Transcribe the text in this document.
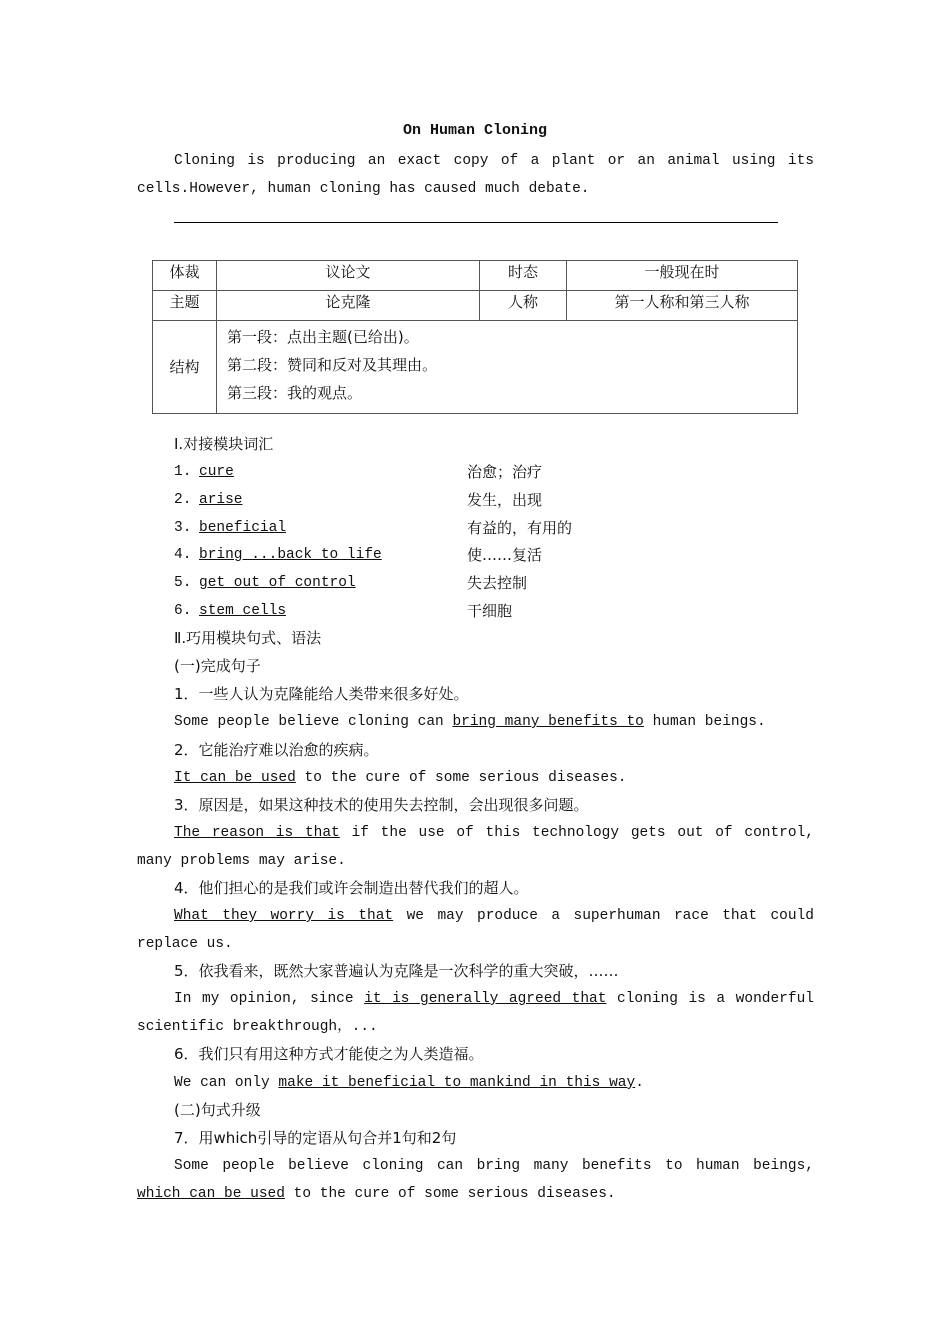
On Human Cloning
Cloning is producing an exact copy of a plant or an animal using its cells.However, human cloning has caused much debate.
体裁	议论文	时态	一般现在时
主题	论克隆	人称	第一人称和第三人称
结构	第一段：点出主题(已给出)。
第二段：赞同和反对及其理由。
第三段：我的观点。		
Ⅰ.对接模块词汇
1. cure	治愈；治疗
2. arise	发生，出现
3. beneficial	有益的，有用的
4. bring ...back to life	使……复活
5. get out of control	失去控制
6. stem cells	干细胞
Ⅱ.巧用模块句式、语法
(一)完成句子
1．一些人认为克隆能给人类带来很多好处。
Some people believe cloning can bring many benefits to human beings.
2．它能治疗难以治愈的疾病。
It can be used to the cure of some serious diseases.
3．原因是，如果这种技术的使用失去控制，会出现很多问题。
The reason is that if the use of this technology gets out of control, many problems may arise.
4．他们担心的是我们或许会制造出替代我们的超人。
What they worry is that we may produce a superhuman race that could replace us.
5．依我看来，既然大家普遍认为克隆是一次科学的重大突破，……
In my opinion, since it is generally agreed that cloning is a wonderful scientific breakthrough，...
6．我们只有用这种方式才能使之为人类造福。
We can only make it beneficial to mankind in this way.
(二)句式升级
7．用which引导的定语从句合并1句和2句
Some people believe cloning can bring many benefits to human beings, which can be used to the cure of some serious diseases.
